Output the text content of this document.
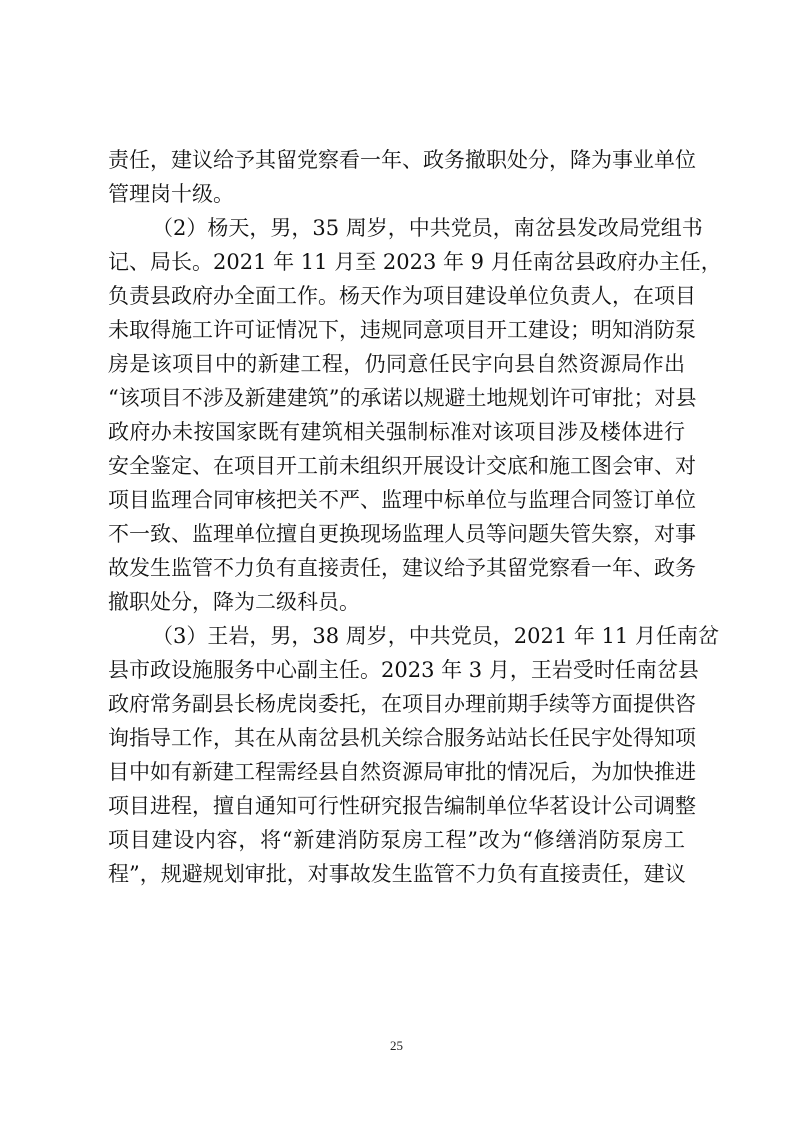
责任，建议给予其留党察看一年、政务撤职处分，降为事业单位
管理岗十级。
（2）杨天，男，35 周岁，中共党员，南岔县发改局党组书
记、局长。2021 年 11 月至 2023 年 9 月任南岔县政府办主任，
负责县政府办全面工作。杨天作为项目建设单位负责人，在项目
未取得施工许可证情况下，违规同意项目开工建设；明知消防泵
房是该项目中的新建工程，仍同意任民宇向县自然资源局作出
“该项目不涉及新建建筑”的承诺以规避土地规划许可审批；对县
政府办未按国家既有建筑相关强制标准对该项目涉及楼体进行
安全鉴定、在项目开工前未组织开展设计交底和施工图会审、对
项目监理合同审核把关不严、监理中标单位与监理合同签订单位
不一致、监理单位擅自更换现场监理人员等问题失管失察，对事
故发生监管不力负有直接责任，建议给予其留党察看一年、政务
撤职处分，降为二级科员。
（3）王岩，男，38 周岁，中共党员，2021 年 11 月任南岔
县市政设施服务中心副主任。2023 年 3 月，王岩受时任南岔县
政府常务副县长杨虎岗委托，在项目办理前期手续等方面提供咨
询指导工作，其在从南岔县机关综合服务站站长任民宇处得知项
目中如有新建工程需经县自然资源局审批的情况后，为加快推进
项目进程，擅自通知可行性研究报告编制单位华茗设计公司调整
项目建设内容，将“新建消防泵房工程”改为“修缮消防泵房工
程”，规避规划审批，对事故发生监管不力负有直接责任，建议
25
